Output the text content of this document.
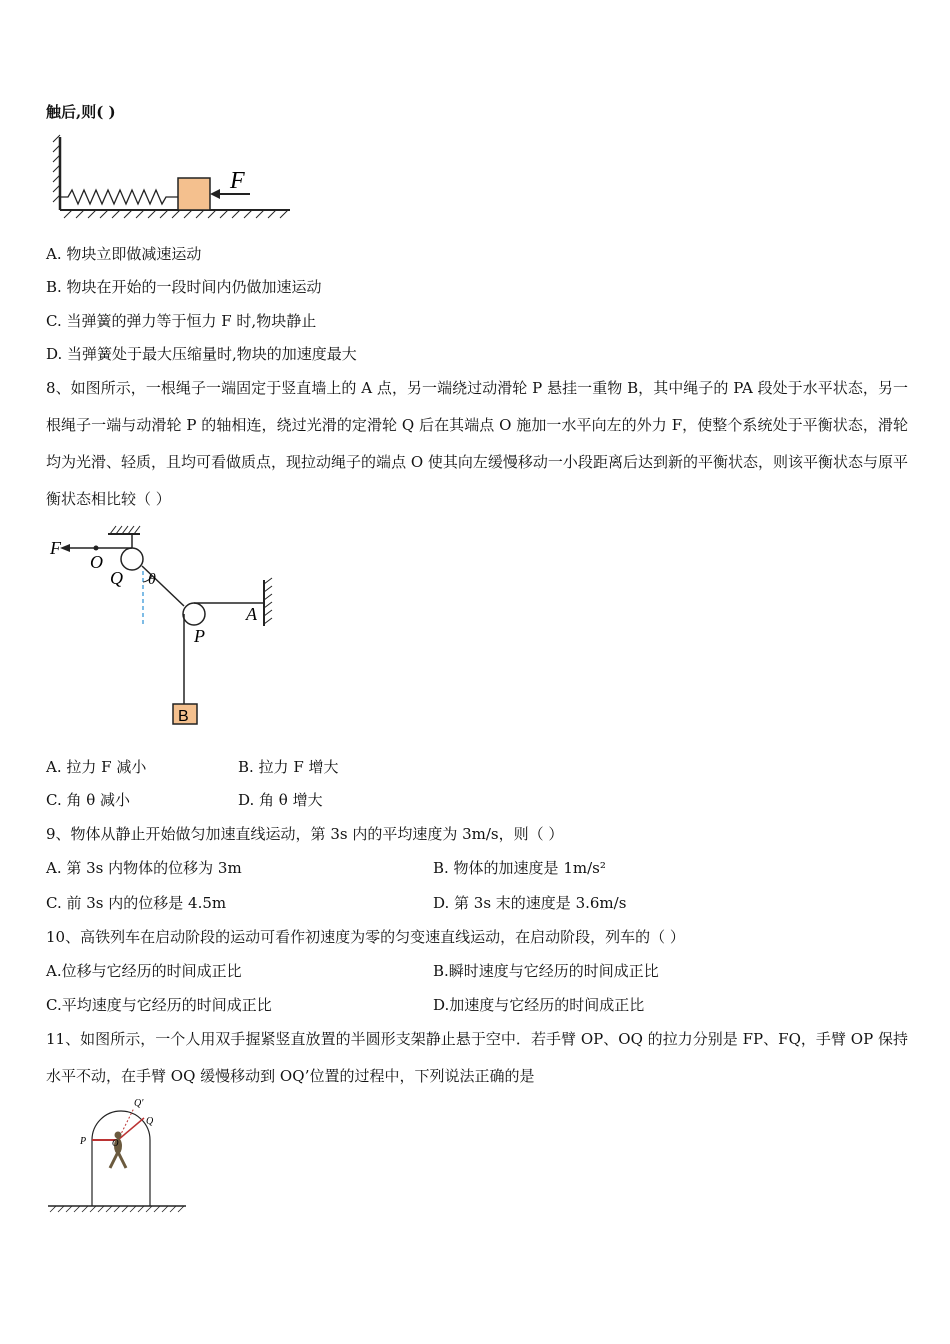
触后,则( )
F
A. 物块立即做减速运动
B. 物块在开始的一段时间内仍做加速运动
C. 当弹簧的弹力等于恒力 F 时,物块静止
D. 当弹簧处于最大压缩量时,物块的加速度最大
8、如图所示，一根绳子一端固定于竖直墙上的 A 点，另一端绕过动滑轮 P 悬挂一重物 B，其中绳子的 PA 段处于水平状态，另一根绳子一端与动滑轮 P 的轴相连，绕过光滑的定滑轮 Q 后在其端点 O 施加一水平向左的外力 F，使整个系统处于平衡状态，滑轮均为光滑、轻质，且均可看做质点，现拉动绳子的端点 O 使其向左缓慢移动一小段距离后达到新的平衡状态，则该平衡状态与原平衡状态相比较（ ）
F
O
Q θ
P
A
B
A. 拉力 F 减小	B. 拉力 F 增大
C. 角 θ 减小	D. 角 θ 增大
9、物体从静止开始做匀加速直线运动，第 3s 内的平均速度为 3m/s，则（ ）
A. 第 3s 内物体的位移为 3m	B. 物体的加速度是 1m/s²
C. 前 3s 内的位移是 4.5m	D. 第 3s 末的速度是 3.6m/s
10、高铁列车在启动阶段的运动可看作初速度为零的匀变速直线运动，在启动阶段，列车的（ ）
A.位移与它经历的时间成正比	B.瞬时速度与它经历的时间成正比
C.平均速度与它经历的时间成正比	D.加速度与它经历的时间成正比
11、如图所示，一个人用双手握紧竖直放置的半圆形支架静止悬于空中．若手臂 OP、OQ 的拉力分别是 FP、FQ，手臂 OP 保持水平不动，在手臂 OQ 缓慢移动到 OQ’位置的过程中，下列说法正确的是
P
Q
Q'
O
